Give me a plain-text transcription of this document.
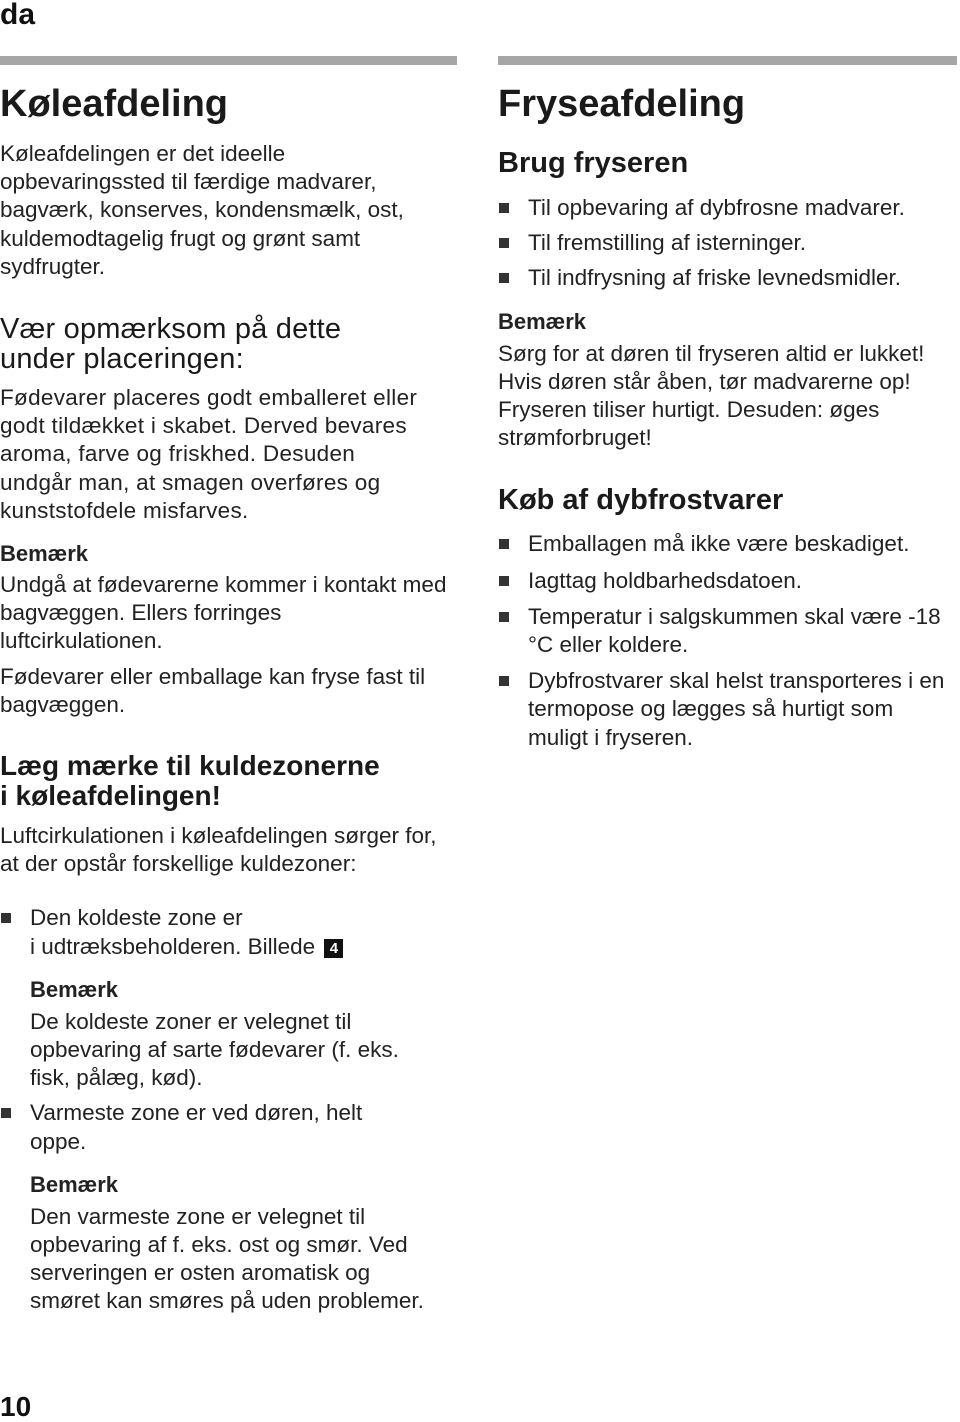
da
Køleafdeling

Køleafdelingen er det ideelle opbevaringssted til færdige madvarer, bagværk, konserves, kondensmælk, ost, kuldemodtagelig frugt og grønt samt sydfrugter.

Vær opmærksom på dette
under placeringen:

Fødevarer placeres godt emballeret eller godt tildækket i skabet. Derved bevares aroma, farve og friskhed. Desuden undgår man, at smagen overføres og kunststofdele misfarves.

Bemærk

Undgå at fødevarerne kommer i kontakt med bagvæggen. Ellers forringes luftcirkulationen.

Fødevarer eller emballage kan fryse fast til bagvæggen.

Læg mærke til kuldezonerne
i køleafdelingen!

Luftcirkulationen i køleafdelingen sørger for, at der opstår forskellige kuldezoner:

Den koldeste zone er
i udtræksbeholderen. Billede 4
Bemærk

De koldeste zoner er velegnet til opbevaring af sarte fødevarer (f. eks. fisk, pålæg, kød).

Varmeste zone er ved døren, helt oppe.
Bemærk

Den varmeste zone er velegnet til opbevaring af f. eks. ost og smør. Ved serveringen er osten aromatisk og smøret kan smøres på uden problemer.

Fryseafdeling
Brug fryseren
Til opbevaring af dybfrosne madvarer.
Til fremstilling af isterninger.
Til indfrysning af friske levnedsmidler.
Bemærk

Sørg for at døren til fryseren altid er lukket! Hvis døren står åben, tør madvarerne op! Fryseren tiliser hurtigt. Desuden: øges strømforbruget!

Køb af dybfrostvarer
Emballagen må ikke være beskadiget.
Iagttag holdbarhedsdatoen.
Temperatur i salgskummen skal være -18 °C eller koldere.
Dybfrostvarer skal helst transporteres i en termopose og lægges så hurtigt som muligt i fryseren.
10
